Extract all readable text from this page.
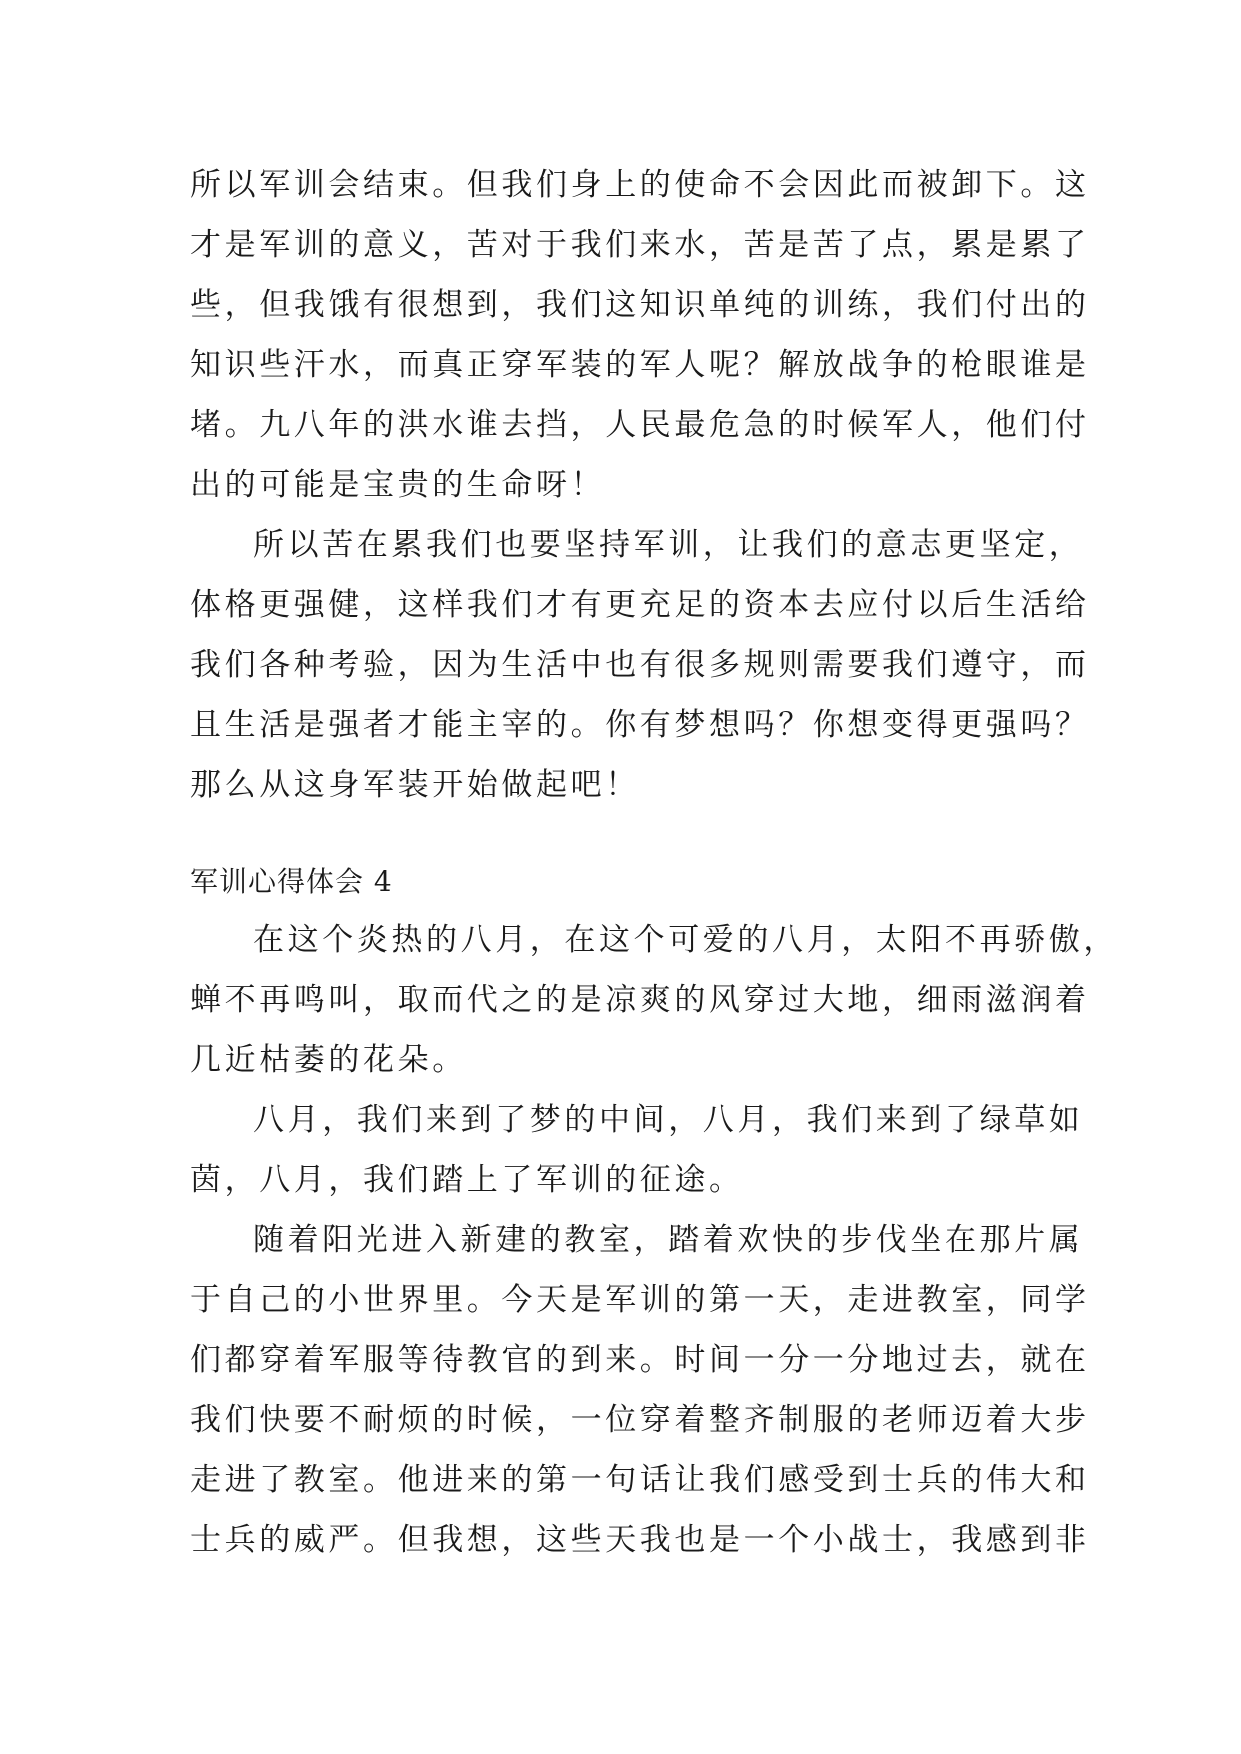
所以军训会结束。但我们身上的使命不会因此而被卸下。这
才是军训的意义，苦对于我们来水，苦是苦了点，累是累了
些，但我饿有很想到，我们这知识单纯的训练，我们付出的
知识些汗水，而真正穿军装的军人呢？解放战争的枪眼谁是
堵。九八年的洪水谁去挡，人民最危急的时候军人，他们付
出的可能是宝贵的生命呀！
所以苦在累我们也要坚持军训，让我们的意志更坚定，
体格更强健，这样我们才有更充足的资本去应付以后生活给
我们各种考验，因为生活中也有很多规则需要我们遵守，而
且生活是强者才能主宰的。你有梦想吗？你想变得更强吗？
那么从这身军装开始做起吧！
军训心得体会 4
在这个炎热的八月，在这个可爱的八月，太阳不再骄傲，
蝉不再鸣叫，取而代之的是凉爽的风穿过大地，细雨滋润着
几近枯萎的花朵。
八月，我们来到了梦的中间，八月，我们来到了绿草如
茵，八月，我们踏上了军训的征途。
随着阳光进入新建的教室，踏着欢快的步伐坐在那片属
于自己的小世界里。今天是军训的第一天，走进教室，同学
们都穿着军服等待教官的到来。时间一分一分地过去，就在
我们快要不耐烦的时候，一位穿着整齐制服的老师迈着大步
走进了教室。他进来的第一句话让我们感受到士兵的伟大和
士兵的威严。但我想，这些天我也是一个小战士，我感到非
